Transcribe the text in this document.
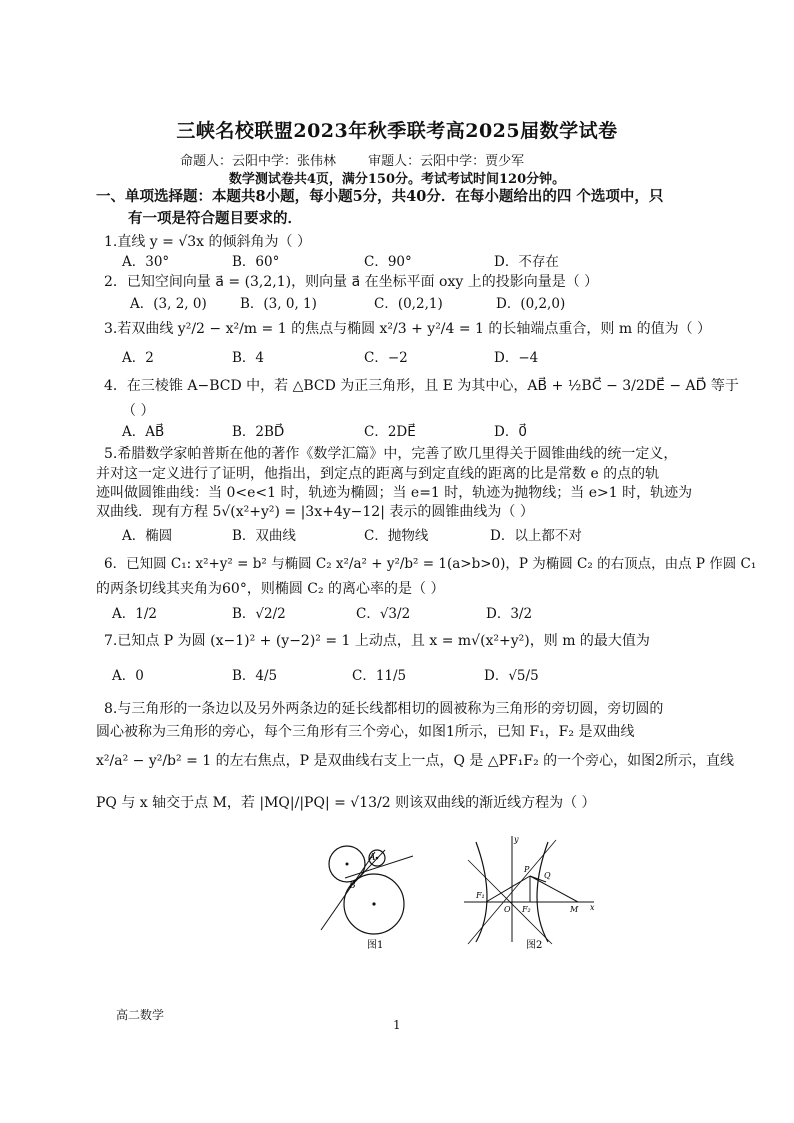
三峡名校联盟2023年秋季联考高2025届数学试卷
命题人：云阳中学：张伟林 审题人：云阳中学：贾少军
数学测试卷共4页，满分150分。考试考试时间120分钟。
一、单项选择题：本题共8小题，每小题5分，共40分．在每小题给出的四 个选项中，只
有一项是符合题目要求的．
1.直线 y = √3x 的倾斜角为（ ）
A．30°	B．60°	C．90°	D．不存在
2．已知空间向量 a⃗ = (3,2,1)，则向量 a⃗ 在坐标平面 oxy 上的投影向量是（ ）
A．(3, 2, 0) B．(3, 0, 1)	C．(0,2,1)	D．(0,2,0)
3.若双曲线 y²/2 − x²/m = 1 的焦点与椭圆 x²/3 + y²/4 = 1 的长轴端点重合，则 m 的值为（ ）
A．2	B．4	C．−2	D．−4
4．在三棱锥 A−BCD 中，若 △BCD 为正三角形，且 E 为其中心，AB⃗ + ½BC⃗ − 3/2DE⃗ − AD⃗ 等于
（ ）
A．AB⃗	B．2BD⃗	C．2DE⃗	D．0⃗
5.希腊数学家帕普斯在他的著作《数学汇篇》中，完善了欧几里得关于圆锥曲线的统一定义，
并对这一定义进行了证明，他指出，到定点的距离与到定直线的距离的比是常数 e 的点的轨
迹叫做圆锥曲线：当 0<e<1 时，轨迹为椭圆；当 e=1 时，轨迹为抛物线；当 e>1 时，轨迹为
双曲线．现有方程 5√(x²+y²) = |3x+4y−12| 表示的圆锥曲线为（ ）
A．椭圆	B．双曲线	C．抛物线	D．以上都不对
6．已知圆 C₁: x²+y² = b² 与椭圆 C₂ x²/a² + y²/b² = 1(a>b>0)，P 为椭圆 C₂ 的右顶点，由点 P 作圆 C₁
的两条切线其夹角为60°，则椭圆 C₂ 的离心率的是（ ）
A．1/2	B．√2/2	C．√3/2	D．3/2
7.已知点 P 为圆 (x−1)² + (y−2)² = 1 上动点，且 x = m√(x²+y²)，则 m 的最大值为
A．0	B．4/5	C．11/5	D．√5/5
8.与三角形的一条边以及另外两条边的延长线都相切的圆被称为三角形的旁切圆，旁切圆的
圆心被称为三角形的旁心，每个三角形有三个旁心，如图1所示，已知 F₁，F₂ 是双曲线
x²/a² − y²/b² = 1 的左右焦点，P 是双曲线右支上一点，Q 是 △PF₁F₂ 的一个旁心，如图2所示，直线
PQ 与 x 轴交于点 M，若 |MQ|/|PQ| = √13/2 则该双曲线的渐近线方程为（ ）
A
B
图1
y
P
Q
F₁
O F₂	M x
图2
高二数学
1
